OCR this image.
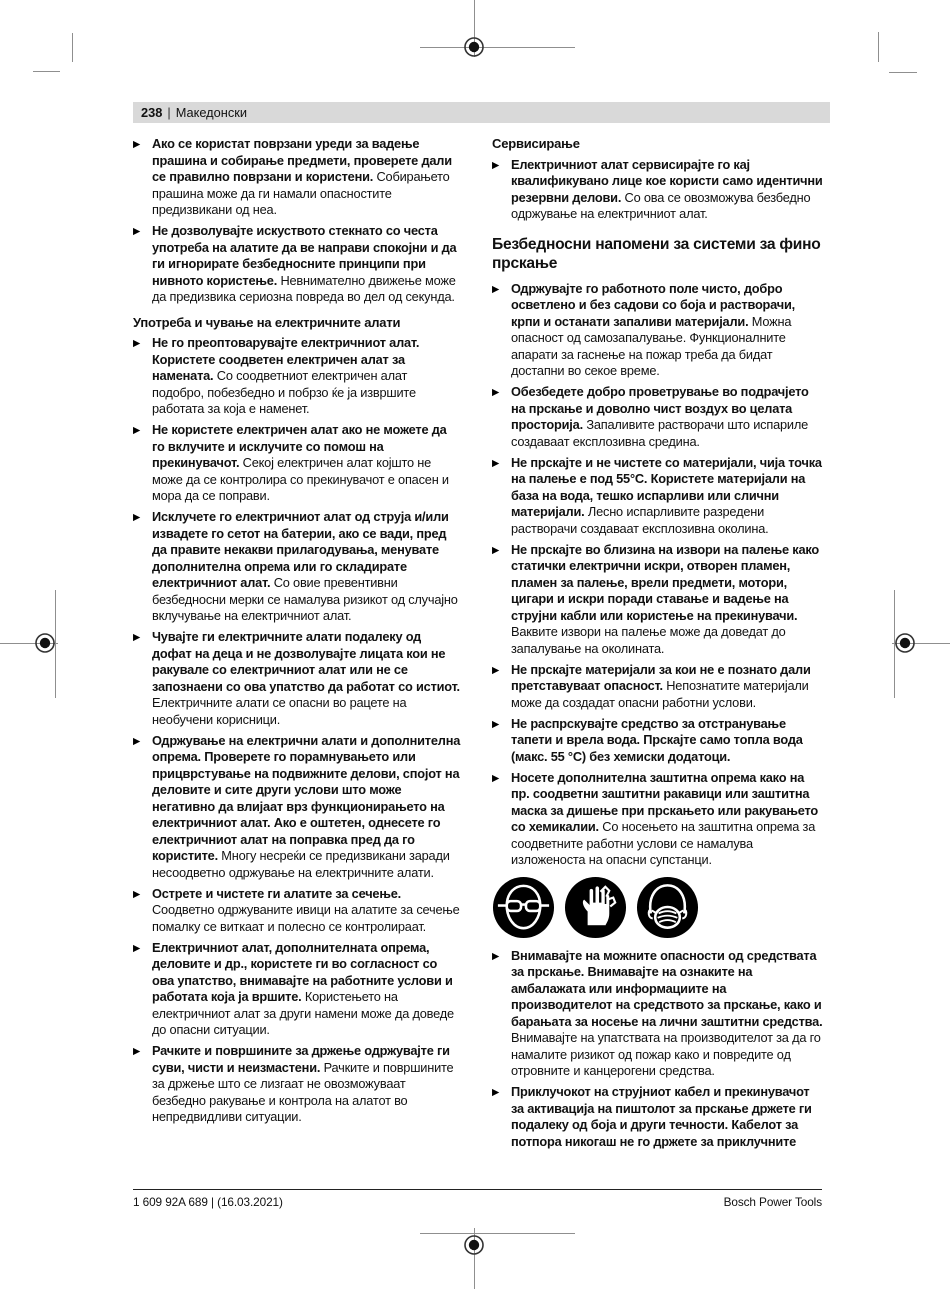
238 | Македонски

▶ Ако се користат поврзани уреди за вадење прашина и собирање предмети, проверете дали се правилно поврзани и користени. Собирањето прашина може да ги намали опасностите предизвикани од неа.

▶ Не дозволувајте искуството стекнато со честа употреба на алатите да ве направи спокојни и да ги игнорирате безбедносните принципи при нивното користење. Невнимателно движење може да предизвика сериозна повреда во дел од секунда.

Употреба и чување на електричните алати

▶ Не го преоптоварувајте електричниот алат. Користете соодветен електричен алат за намената. Со соодветниот електричен алат подобро, побезбедно и побрзо ќе ја извршите работата за која е наменет.

▶ Не користете електричен алат ако не можете да го вклучите и исклучите со помош на прекинувачот. Секој електричен алат којшто не може да се контролира со прекинувачот е опасен и мора да се поправи.

▶ Исклучете го електричниот алат од струја и/или извадете го сетот на батерии, ако се вади, пред да правите некакви прилагодувања, менувате дополнителна опрема или го складирате електричниот алат. Со овие превентивни безбедносни мерки се намалува ризикот од случајно вклучување на електричниот алат.

▶ Чувајте ги електричните алати подалеку од дофат на деца и не дозволувајте лицата кои не ракувале со електричниот алат или не се запознаени со ова упатство да работат со истиот. Електричните алати се опасни во рацете на необучени корисници.

▶ Одржување на електрични алати и дополнителна опрема. Проверете го порамнувањето или прицврстување на подвижните делови, спојот на деловите и сите други услови што може негативно да влијаат врз функционирањето на електричниот алат. Ако е оштетен, однесете го електричниот алат на поправка пред да го користите. Многу несреќи се предизвикани заради несоодветно одржување на електричните алати.

▶ Острете и чистете ги алатите за сечење. Соодветно одржуваните ивици на алатите за сечење помалку се виткаат и полесно се контролираат.

▶ Електричниот алат, дополнителната опрема, деловите и др., користете ги во согласност со ова упатство, внимавајте на работните услови и работата која ја вршите. Користењето на електричниот алат за други намени може да доведе до опасни ситуации.

▶ Рачките и површините за држење одржувајте ги суви, чисти и неизмастени. Рачките и површините за држење што се лизгаат не овозможуваат безбедно ракување и контрола на алатот во непредвидливи ситуации.

Сервисирање

▶ Електричниот алат сервисирајте го кај квалификувано лице кое користи само идентични резервни делови. Со ова се овозможува безбедно одржување на електричниот алат.

Безбедносни напомени за системи за фино прскање

▶ Одржувајте го работното поле чисто, добро осветлено и без садови со боја и растворачи, крпи и останати запаливи материјали. Можна опасност од самозапалување. Функционалните апарати за гаснење на пожар треба да бидат достапни во секое време.

▶ Обезбедете добро проветрување во подрачјето на прскање и доволно чист воздух во целата просторија. Запаливите растворачи што испариле создаваат експлозивна средина.

▶ Не прскајте и не чистете со материјали, чија точка на палење е под 55°C. Користете материјали на база на вода, тешко испарливи или слични материјали. Лесно испарливите разредени растворачи создаваат експлозивна околина.

▶ Не прскајте во близина на извори на палење како статички електрични искри, отворен пламен, пламен за палење, врели предмети, мотори, цигари и искри поради ставање и вадење на струјни кабли или користење на прекинувачи. Ваквите извори на палење може да доведат до запалување на околината.

▶ Не прскајте материјали за кои не е познато дали претставуваат опасност. Непознатите материјали може да создадат опасни работни услови.

▶ Не распрскувајте средство за отстранување тапети и врела вода. Прскајте само топла вода (макс. 55 °C) без хемиски додатоци.

▶ Носете дополнителна заштитна опрема како на пр. соодветни заштитни ракавици или заштитна маска за дишење при прскањето или ракувањето со хемикалии. Со носењето на заштитна опрема за соодветните работни услови се намалува изложеноста на опасни супстанци.

▶ Внимавајте на можните опасности од средствата за прскање. Внимавајте на ознаките на амбалажата или информациите на производителот на средството за прскање, како и барањата за носење на лични заштитни средства. Внимавајте на упатствата на производителот за да го намалите ризикот од пожар како и повредите од отровните и канцерогени средства.

▶ Приклучокот на струјниот кабел и прекинувачот за активација на пиштолот за прскање држете ги подалеку од боја и други течности. Кабелот за потпора никогаш не го држете за приклучните

1 609 92A 689 | (16.03.2021)	Bosch Power Tools
